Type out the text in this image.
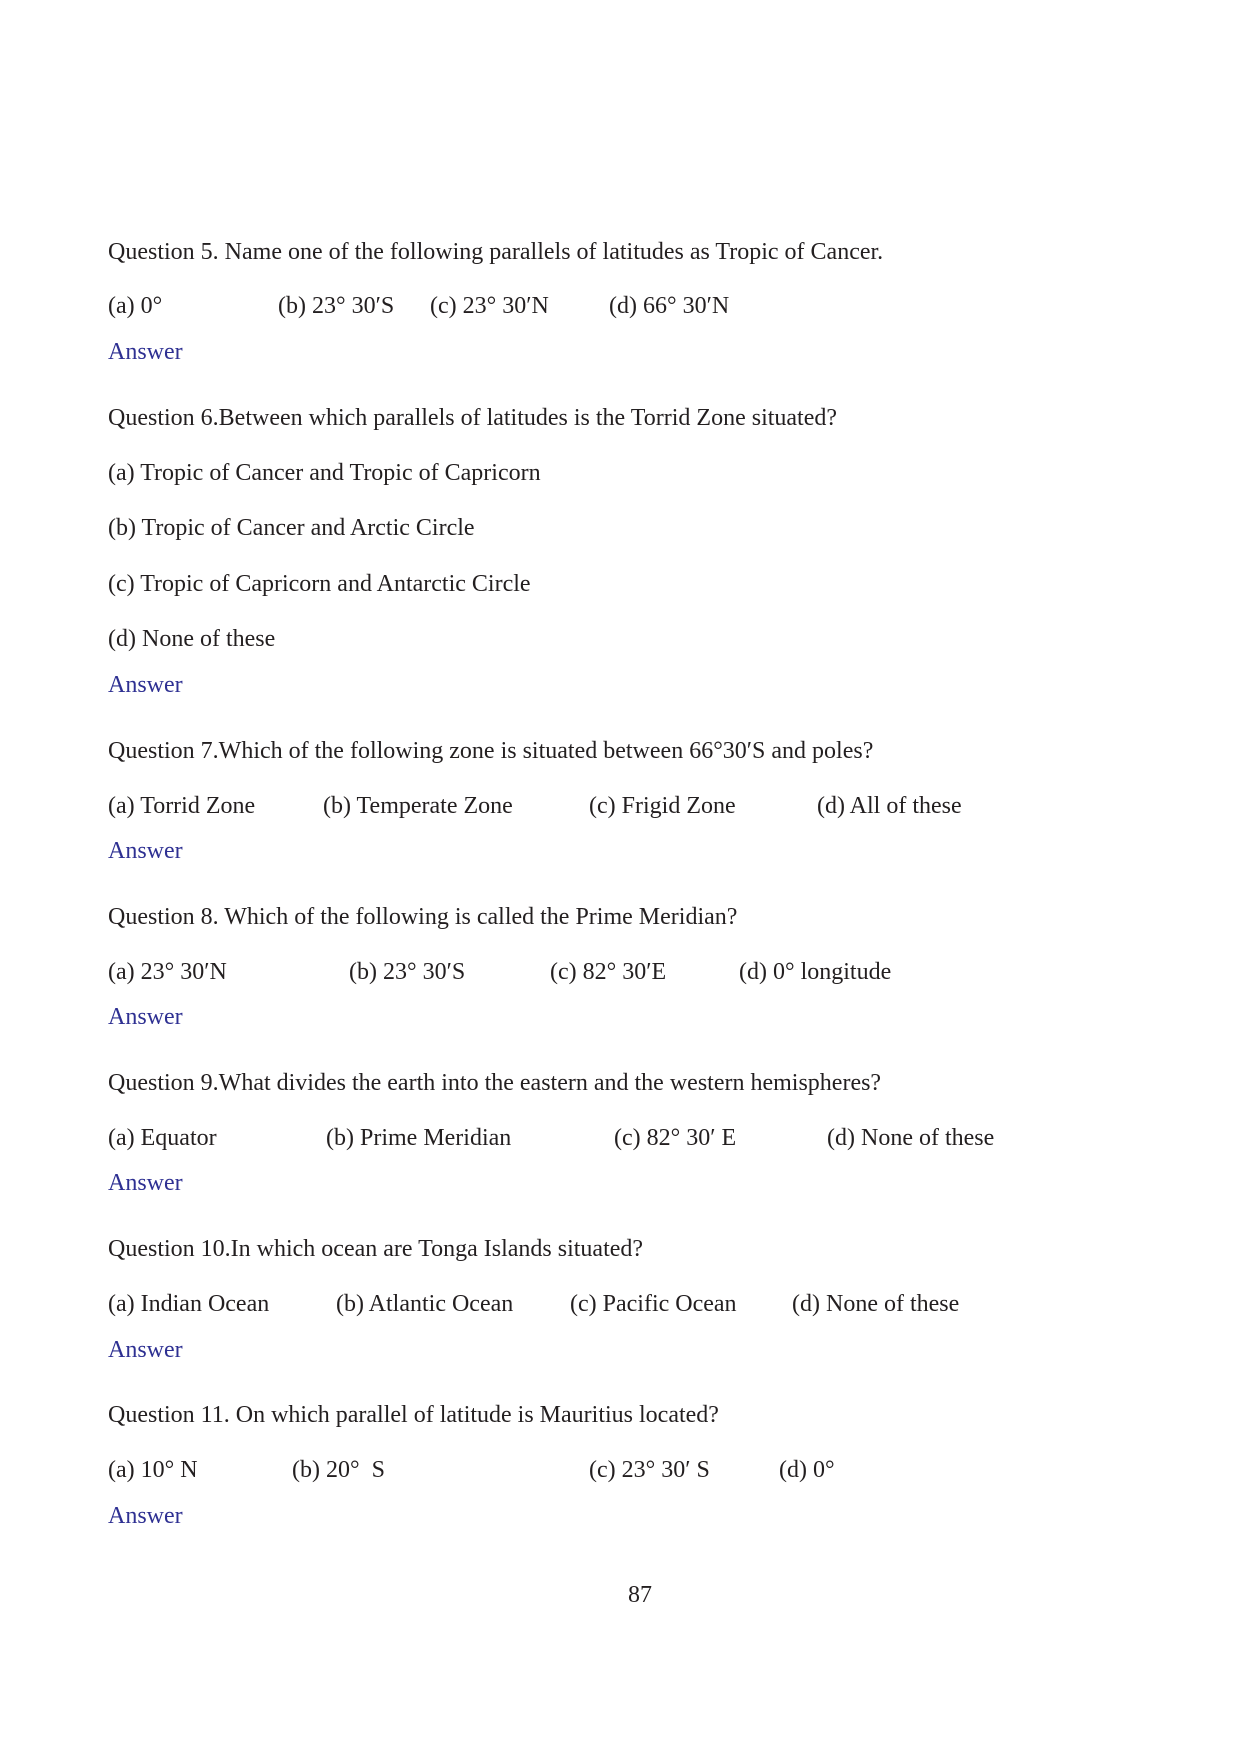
Question 5. Name one of the following parallels of latitudes as Tropic of Cancer.
(a) 0°	(b) 23° 30′S (c) 23° 30′N	(d) 66° 30′N
Answer
Question 6.Between which parallels of latitudes is the Torrid Zone situated?
(a) Tropic of Cancer and Tropic of Capricorn
(b) Tropic of Cancer and Arctic Circle
(c) Tropic of Capricorn and Antarctic Circle
(d) None of these
Answer
Question 7.Which of the following zone is situated between 66°30′S and poles?
(a) Torrid Zone	(b) Temperate Zone	(c) Frigid Zone	(d) All of these
Answer
Question 8. Which of the following is called the Prime Meridian?
(a) 23° 30′N	(b) 23° 30′S	(c) 82° 30′E	(d) 0° longitude
Answer
Question 9.What divides the earth into the eastern and the western hemispheres?
(a) Equator	(b) Prime Meridian	(c) 82° 30′ E	(d) None of these
Answer
Question 10.In which ocean are Tonga Islands situated?
(a) Indian Ocean	(b) Atlantic Ocean (c) Pacific Ocean (d) None of these
Answer
Question 11. On which parallel of latitude is Mauritius located?
(a) 10° N	(b) 20°  S	(c) 23° 30′ S	(d) 0°
Answer
87
